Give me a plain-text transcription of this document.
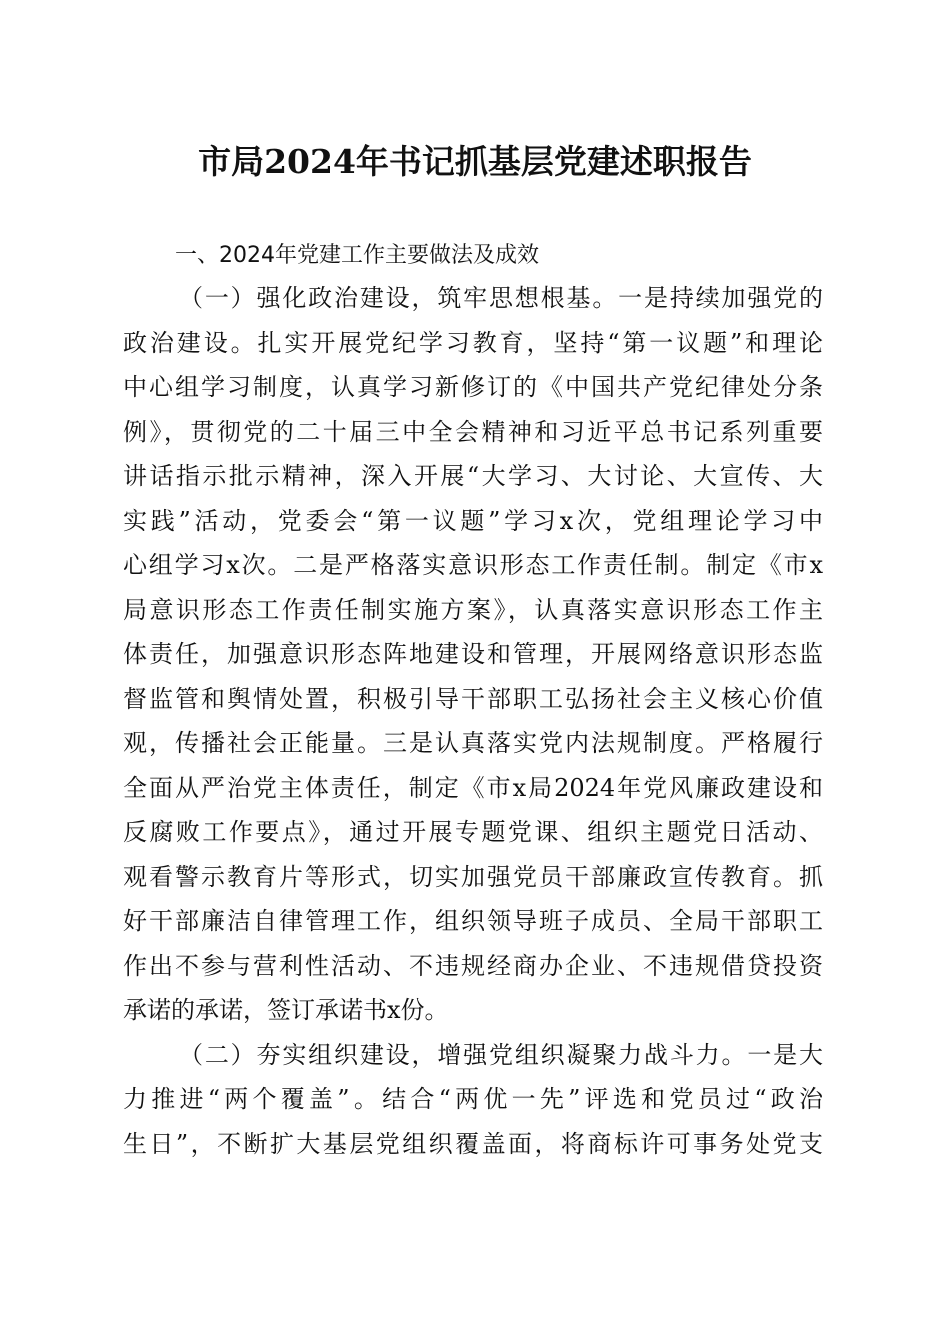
市局2024年书记抓基层党建述职报告
一、2024年党建工作主要做法及成效
（一）强化政治建设，筑牢思想根基。一是持续加强党的
政治建设。扎实开展党纪学习教育，坚持“第一议题”和理论
中心组学习制度，认真学习新修订的《中国共产党纪律处分条
例》，贯彻党的二十届三中全会精神和习近平总书记系列重要
讲话指示批示精神，深入开展“大学习、大讨论、大宣传、大
实践”活动，党委会“第一议题”学习x次，党组理论学习中
心组学习x次。二是严格落实意识形态工作责任制。制定《市x
局意识形态工作责任制实施方案》，认真落实意识形态工作主
体责任，加强意识形态阵地建设和管理，开展网络意识形态监
督监管和舆情处置，积极引导干部职工弘扬社会主义核心价值
观，传播社会正能量。三是认真落实党内法规制度。严格履行
全面从严治党主体责任，制定《市x局2024年党风廉政建设和
反腐败工作要点》，通过开展专题党课、组织主题党日活动、
观看警示教育片等形式，切实加强党员干部廉政宣传教育。抓
好干部廉洁自律管理工作，组织领导班子成员、全局干部职工
作出不参与营利性活动、不违规经商办企业、不违规借贷投资
承诺的承诺，签订承诺书x份。
（二）夯实组织建设，增强党组织凝聚力战斗力。一是大
力推进“两个覆盖”。结合“两优一先”评选和党员过“政治
生日”，不断扩大基层党组织覆盖面，将商标许可事务处党支
